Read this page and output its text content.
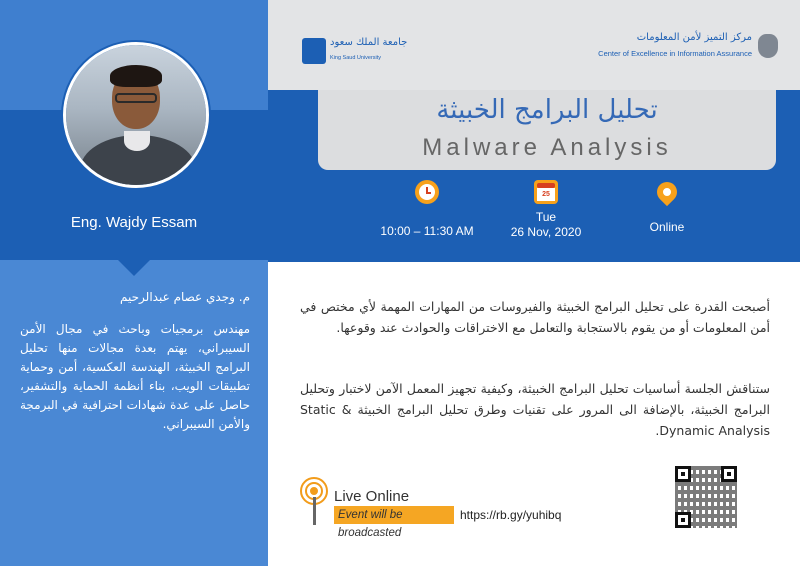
Eng. Wajdy Essam
م. وجدي عصام عبدالرحيم
مهندس برمجيات وباحث في مجال الأمن السيبراني، يهتم بعدة مجالات منها تحليل البرامج الخبيثة، الهندسة العكسية، أمن وحماية تطبيقات الويب، بناء أنظمة الحماية والتشفير، حاصل على عدة شهادات احترافية في البرمجة والأمن السيبراني.
جامعة الملك سعود
King Saud University
مركز التميز لأمن المعلومات
Center of Excellence in Information Assurance
تحليل البرامج الخبيثة
Malware Analysis
10:00 – 11:30 AM
25
Tue
26 Nov, 2020	Online
أصبحت القدرة على تحليل البرامج الخبيثة والفيروسات من المهارات المهمة لأي مختص في أمن المعلومات أو من يقوم بالاستجابة والتعامل مع الاختراقات والحوادث عند وقوعها.
ستناقش الجلسة أساسيات تحليل البرامج الخبيثة، وكيفية تجهيز المعمل الآمن لاختبار وتحليل البرامج الخبيثة، بالإضافة الى المرور على تقنيات وطرق تحليل البرامج الخبيثة Static & Dynamic Analysis.
Live Online
Event will be broadcasted
https://rb.gy/yuhibq
